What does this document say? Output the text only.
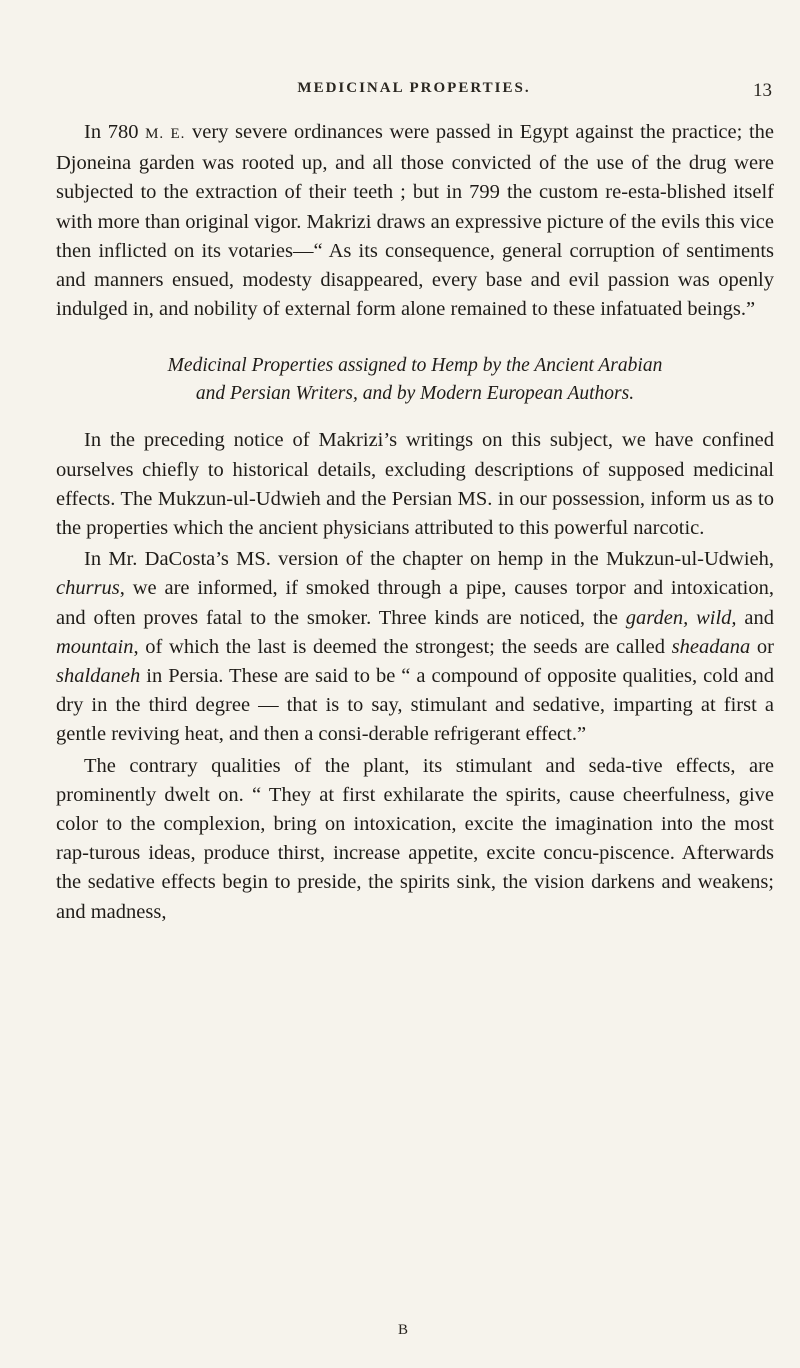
MEDICINAL PROPERTIES.	13

In 780 M. E. very severe ordinances were passed in Egypt against the practice; the Djoneina garden was rooted up, and all those convicted of the use of the drug were subjected to the extraction of their teeth ; but in 799 the custom re-esta-blished itself with more than original vigor. Makrizi draws an expressive picture of the evils this vice then inflicted on its votaries—“ As its consequence, general corruption of sentiments and manners ensued, modesty disappeared, every base and evil passion was openly indulged in, and nobility of external form alone remained to these infatuated beings.”

Medicinal Properties assigned to Hemp by the Ancient Arabian
and Persian Writers, and by Modern European Authors.

In the preceding notice of Makrizi’s writings on this subject, we have confined ourselves chiefly to historical details, excluding descriptions of supposed medicinal effects. The Mukzun-ul-Udwieh and the Persian MS. in our possession, inform us as to the properties which the ancient physicians attributed to this powerful narcotic.

In Mr. DaCosta’s MS. version of the chapter on hemp in the Mukzun-ul-Udwieh, churrus, we are informed, if smoked through a pipe, causes torpor and intoxication, and often proves fatal to the smoker. Three kinds are noticed, the garden, wild, and mountain, of which the last is deemed the strongest; the seeds are called sheadana or shaldaneh in Persia. These are said to be “ a compound of opposite qualities, cold and dry in the third degree — that is to say, stimulant and sedative, imparting at first a gentle reviving heat, and then a consi-derable refrigerant effect.”

The contrary qualities of the plant, its stimulant and seda-tive effects, are prominently dwelt on. “ They at first exhilarate the spirits, cause cheerfulness, give color to the complexion, bring on intoxication, excite the imagination into the most rap-turous ideas, produce thirst, increase appetite, excite concu-piscence. Afterwards the sedative effects begin to preside, the spirits sink, the vision darkens and weakens; and madness,

B
